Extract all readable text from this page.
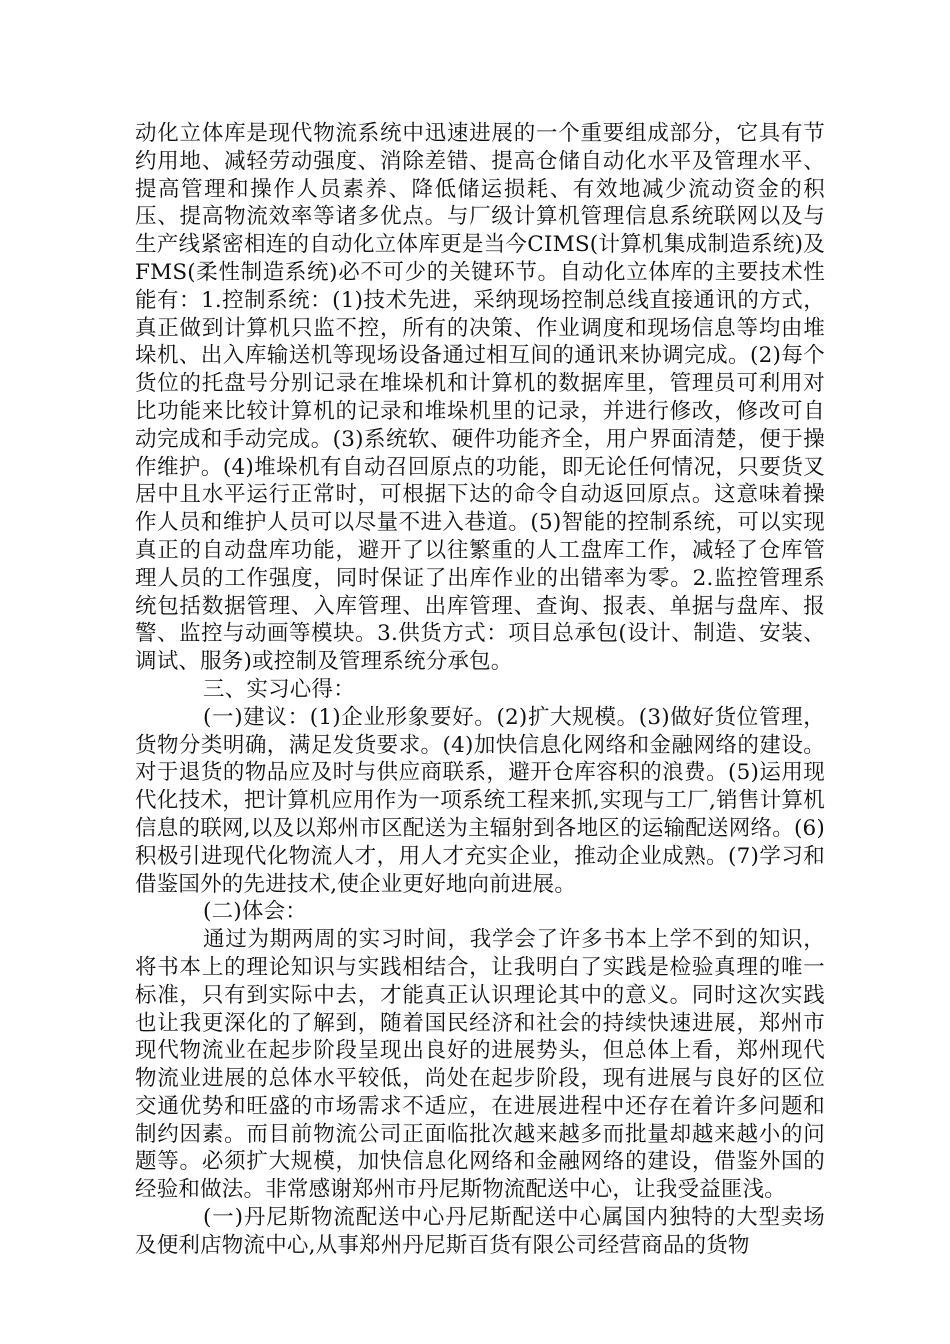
动化立体库是现代物流系统中迅速进展的一个重要组成部分，它具有节约用地、减轻劳动强度、消除差错、提高仓储自动化水平及管理水平、提高管理和操作人员素养、降低储运损耗、有效地减少流动资金的积压、提高物流效率等诸多优点。与厂级计算机管理信息系统联网以及与生产线紧密相连的自动化立体库更是当今CIMS(计算机集成制造系统)及FMS(柔性制造系统)必不可少的关键环节。自动化立体库的主要技术性能有：1.控制系统：(1)技术先进，采纳现场控制总线直接通讯的方式，真正做到计算机只监不控，所有的决策、作业调度和现场信息等均由堆垛机、出入库输送机等现场设备通过相互间的通讯来协调完成。(2)每个货位的托盘号分别记录在堆垛机和计算机的数据库里，管理员可利用对比功能来比较计算机的记录和堆垛机里的记录，并进行修改，修改可自动完成和手动完成。(3)系统软、硬件功能齐全，用户界面清楚，便于操作维护。(4)堆垛机有自动召回原点的功能，即无论任何情况，只要货叉居中且水平运行正常时，可根据下达的命令自动返回原点。这意味着操作人员和维护人员可以尽量不进入巷道。(5)智能的控制系统，可以实现真正的自动盘库功能，避开了以往繁重的人工盘库工作，减轻了仓库管理人员的工作强度，同时保证了出库作业的出错率为零。2.监控管理系统包括数据管理、入库管理、出库管理、查询、报表、单据与盘库、报警、监控与动画等模块。3.供货方式：项目总承包(设计、制造、安装、调试、服务)或控制及管理系统分承包。

三、实习心得：

(一)建议：(1)企业形象要好。(2)扩大规模。(3)做好货位管理，货物分类明确，满足发货要求。(4)加快信息化网络和金融网络的建设。对于退货的物品应及时与供应商联系，避开仓库容积的浪费。(5)运用现代化技术，把计算机应用作为一项系统工程来抓,实现与工厂,销售计算机信息的联网,以及以郑州市区配送为主辐射到各地区的运输配送网络。(6)积极引进现代化物流人才，用人才充实企业，推动企业成熟。(7)学习和借鉴国外的先进技术,使企业更好地向前进展。

(二)体会：

通过为期两周的实习时间，我学会了许多书本上学不到的知识，将书本上的理论知识与实践相结合，让我明白了实践是检验真理的唯一标准，只有到实际中去，才能真正认识理论其中的意义。同时这次实践也让我更深化的了解到，随着国民经济和社会的持续快速进展，郑州市现代物流业在起步阶段呈现出良好的进展势头，但总体上看，郑州现代物流业进展的总体水平较低，尚处在起步阶段，现有进展与良好的区位交通优势和旺盛的市场需求不适应，在进展进程中还存在着许多问题和制约因素。而目前物流公司正面临批次越来越多而批量却越来越小的问题等。必须扩大规模，加快信息化网络和金融网络的建设，借鉴外国的经验和做法。非常感谢郑州市丹尼斯物流配送中心，让我受益匪浅。

(一)丹尼斯物流配送中心丹尼斯配送中心属国内独特的大型卖场及便利店物流中心,从事郑州丹尼斯百货有限公司经营商品的货物
